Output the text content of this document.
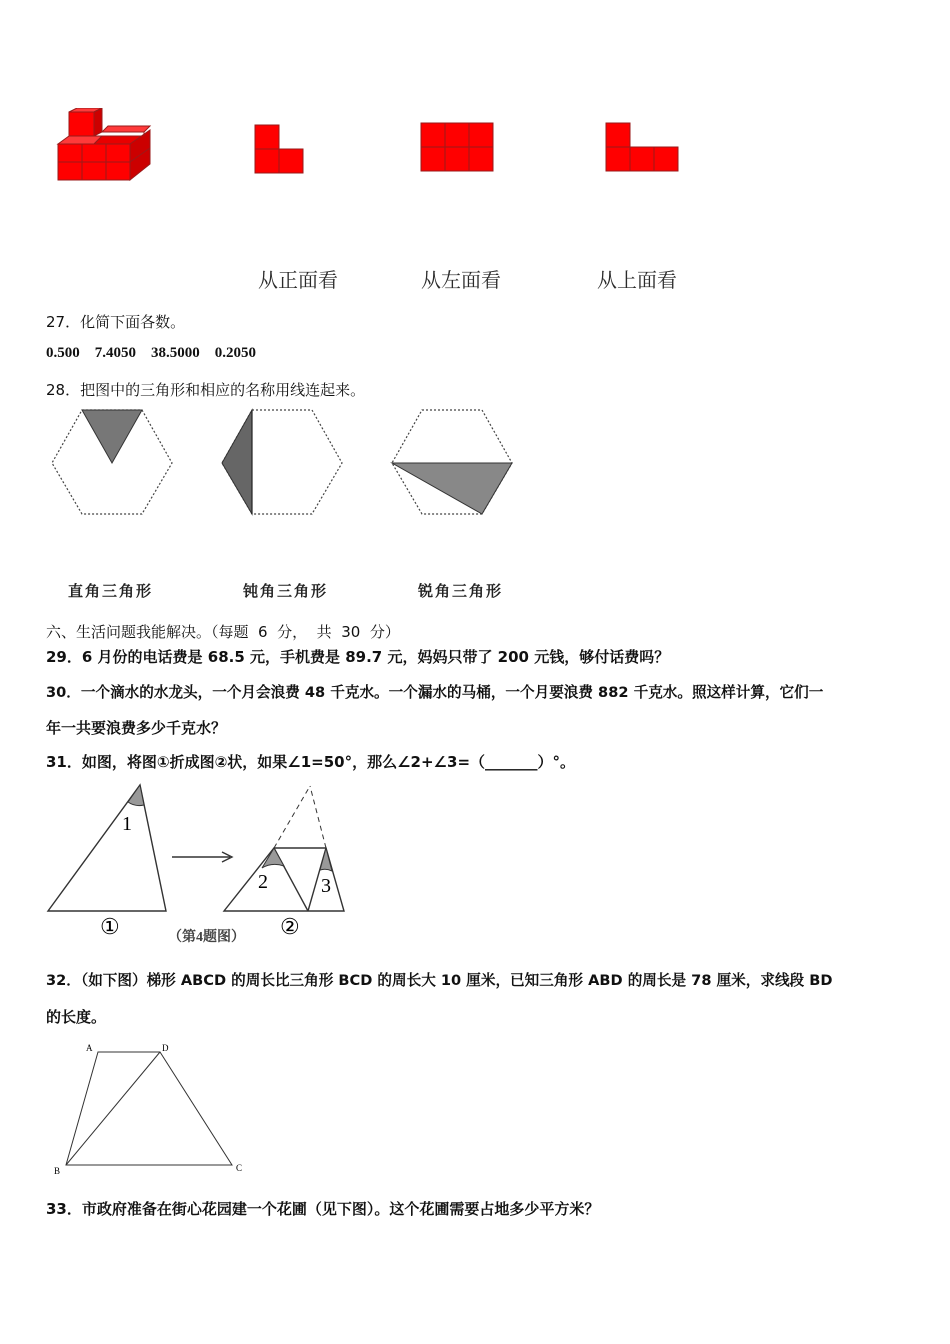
从正面看	从左面看	从上面看
27．化简下面各数。
0.500    7.4050    38.5000    0.2050
28．把图中的三角形和相应的名称用线连起来。
直角三角形	钝角三角形	锐角三角形
六、生活问题我能解决。（每题  6  分，  共  30  分）
29．6 月份的电话费是 68.5 元，手机费是 89.7 元，妈妈只带了 200 元钱，够付话费吗？
30．一个滴水的水龙头，一个月会浪费 48 千克水。一个漏水的马桶，一个月要浪费 882 千克水。照这样计算，它们一
年一共要浪费多少千克水？
31．如图，将图①折成图②状，如果∠1=50°，那么∠2+∠3=（_______）°。
1
①
2	3
②
（第4题图）
32．（如下图）梯形 ABCD 的周长比三角形 BCD 的周长大 10 厘米，已知三角形 ABD 的周长是 78 厘米，求线段 BD
的长度。
A	D
B	C
33．市政府准备在街心花园建一个花圃（见下图）。这个花圃需要占地多少平方米？
